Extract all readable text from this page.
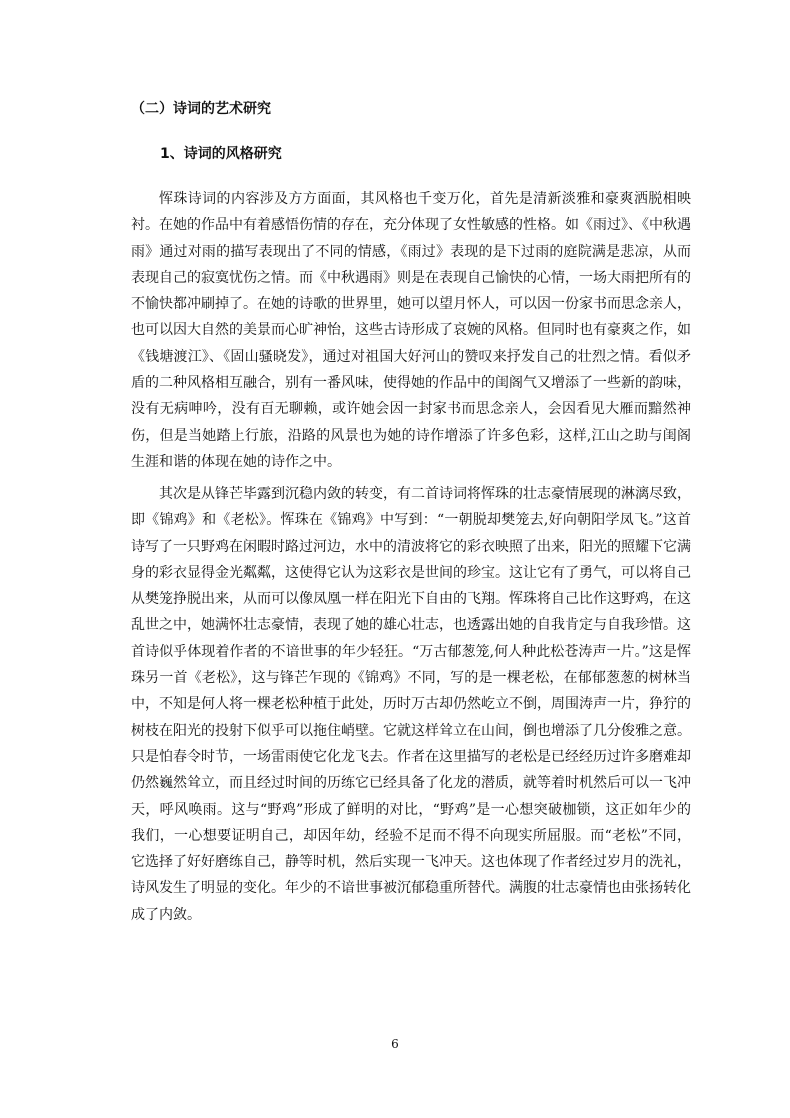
（二）诗词的艺术研究
1、诗词的风格研究

恽珠诗词的内容涉及方方面面，其风格也千变万化，首先是清新淡雅和豪爽洒脱相映衬。在她的作品中有着感悟伤情的存在，充分体现了女性敏感的性格。如《雨过》、《中秋遇雨》通过对雨的描写表现出了不同的情感，《雨过》表现的是下过雨的庭院满是悲凉，从而表现自己的寂寞忧伤之情。而《中秋遇雨》则是在表现自己愉快的心情，一场大雨把所有的不愉快都冲刷掉了。在她的诗歌的世界里，她可以望月怀人，可以因一份家书而思念亲人，也可以因大自然的美景而心旷神怡，这些古诗形成了哀婉的风格。但同时也有豪爽之作，如《钱塘渡江》、《固山骚晓发》，通过对祖国大好河山的赞叹来抒发自己的壮烈之情。看似矛盾的二种风格相互融合，别有一番风味，使得她的作品中的闺阁气又增添了一些新的韵味，没有无病呻吟，没有百无聊赖，或许她会因一封家书而思念亲人，会因看见大雁而黯然神伤，但是当她踏上行旅，沿路的风景也为她的诗作增添了许多色彩，这样,江山之助与闺阁生涯和谐的体现在她的诗作之中。

其次是从锋芒毕露到沉稳内敛的转变，有二首诗词将恽珠的壮志豪情展现的淋漓尽致，即《锦鸡》和《老松》。恽珠在《锦鸡》中写到：“一朝脱却樊笼去,好向朝阳学凤飞。”这首诗写了一只野鸡在闲暇时路过河边，水中的清波将它的彩衣映照了出来，阳光的照耀下它满身的彩衣显得金光粼粼，这使得它认为这彩衣是世间的珍宝。这让它有了勇气，可以将自己从樊笼挣脱出来，从而可以像凤凰一样在阳光下自由的飞翔。恽珠将自己比作这野鸡，在这乱世之中，她满怀壮志豪情，表现了她的雄心壮志，也透露出她的自我肯定与自我珍惜。这首诗似乎体现着作者的不谙世事的年少轻狂。“万古郁葱笼,何人种此松苍涛声一片。”这是恽珠另一首《老松》，这与锋芒乍现的《锦鸡》不同，写的是一棵老松，在郁郁葱葱的树林当中，不知是何人将一棵老松种植于此处，历时万古却仍然屹立不倒，周围涛声一片，狰狞的树枝在阳光的投射下似乎可以拖住峭壁。它就这样耸立在山间，倒也增添了几分俊雅之意。只是怕春令时节，一场雷雨使它化龙飞去。作者在这里描写的老松是已经经历过许多磨难却仍然巍然耸立，而且经过时间的历练它已经具备了化龙的潜质，就等着时机然后可以一飞冲天，呼风唤雨。这与“野鸡”形成了鲜明的对比，“野鸡”是一心想突破枷锁，这正如年少的我们，一心想要证明自己，却因年幼，经验不足而不得不向现实所屈服。而“老松”不同，它选择了好好磨练自己，静等时机，然后实现一飞冲天。这也体现了作者经过岁月的洗礼，诗风发生了明显的变化。年少的不谙世事被沉郁稳重所替代。满腹的壮志豪情也由张扬转化成了内敛。

6
